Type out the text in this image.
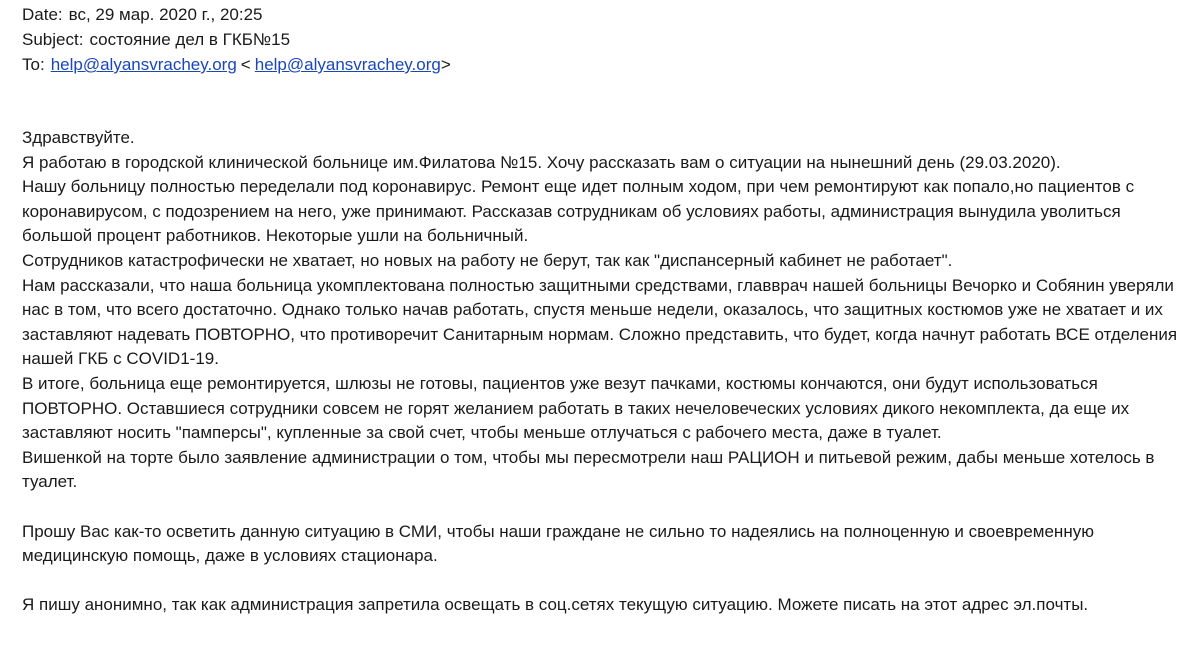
Date: вс, 29 мар. 2020 г., 20:25
Subject: состояние дел в ГКБ№15
To: help@alyansvrachey.org < help@alyansvrachey.org>
Здравствуйте.
Я работаю в городской клинической больнице им.Филатова №15. Хочу рассказать вам о ситуации на нынешний день (29.03.2020).
Нашу больницу полностью переделали под коронавирус. Ремонт еще идет полным ходом, при чем ремонтируют как попало,но пациентов с
коронавирусом, с подозрением на него, уже принимают. Рассказав сотрудникам об условиях работы, администрация вынудила уволиться
большой процент работников. Некоторые ушли на больничный.
Сотрудников катастрофически не хватает, но новых на работу не берут, так как "диспансерный кабинет не работает".
Нам рассказали, что наша больница укомплектована полностью защитными средствами, главврач нашей больницы Вечорко и Собянин уверяли
нас в том, что всего достаточно. Однако только начав работать, спустя меньше недели, оказалось, что защитных костюмов уже не хватает и их
заставляют надевать ПОВТОРНО, что противоречит Санитарным нормам. Сложно представить, что будет, когда начнут работать ВСЕ отделения
нашей ГКБ с COVID1-19.
В итоге, больница еще ремонтируется, шлюзы не готовы, пациентов уже везут пачками, костюмы кончаются, они будут использоваться
ПОВТОРНО. Оставшиеся сотрудники совсем не горят желанием работать в таких нечеловеческих условиях дикого некомплекта, да еще их
заставляют носить "памперсы", купленные за свой счет, чтобы меньше отлучаться с рабочего места, даже в туалет.
Вишенкой на торте было заявление администрации о том, чтобы мы пересмотрели наш РАЦИОН и питьевой режим, дабы меньше хотелось в
туалет.
Прошу Вас как-то осветить данную ситуацию в СМИ, чтобы наши граждане не сильно то надеялись на полноценную и своевременную
медицинскую помощь, даже в условиях стационара.
Я пишу анонимно, так как администрация запретила освещать в соц.сетях текущую ситуацию. Можете писать на этот адрес эл.почты.
